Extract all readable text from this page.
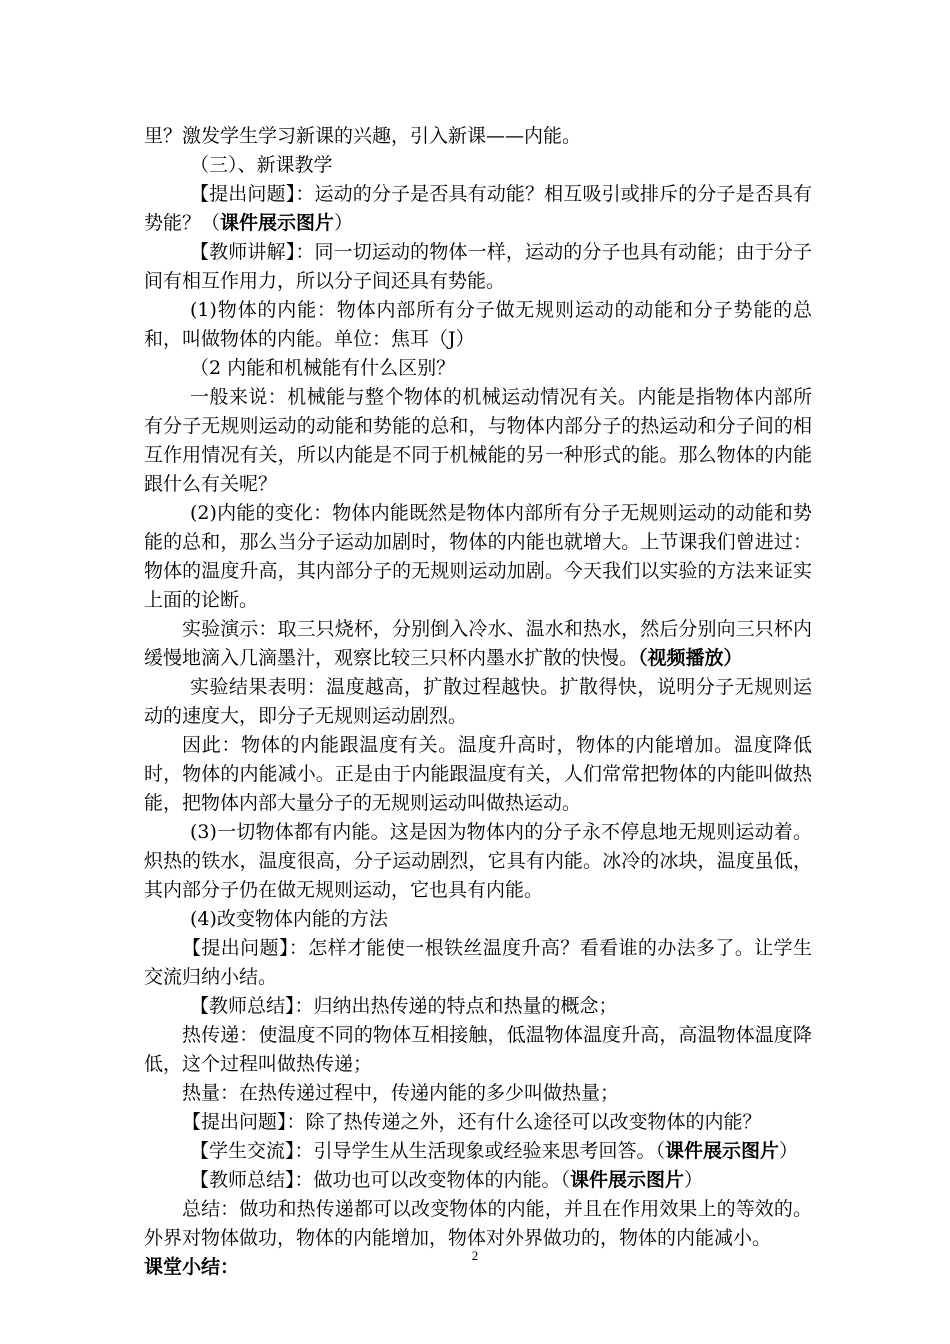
里？激发学生学习新课的兴趣，引入新课——内能。

（三）、新课教学

【提出问题】：运动的分子是否具有动能？相互吸引或排斥的分子是否具有势能？（课件展示图片）

【教师讲解】：同一切运动的物体一样，运动的分子也具有动能；由于分子间有相互作用力，所以分子间还具有势能。

(1)物体的内能：物体内部所有分子做无规则运动的动能和分子势能的总和，叫做物体的内能。单位：焦耳（J）

（2 内能和机械能有什么区别？

一般来说：机械能与整个物体的机械运动情况有关。内能是指物体内部所有分子无规则运动的动能和势能的总和，与物体内部分子的热运动和分子间的相互作用情况有关，所以内能是不同于机械能的另一种形式的能。那么物体的内能跟什么有关呢？

(2)内能的变化：物体内能既然是物体内部所有分子无规则运动的动能和势能的总和，那么当分子运动加剧时，物体的内能也就增大。上节课我们曾进过：物体的温度升高，其内部分子的无规则运动加剧。今天我们以实验的方法来证实上面的论断。

实验演示：取三只烧杯，分别倒入冷水、温水和热水，然后分别向三只杯内缓慢地滴入几滴墨汁，观察比较三只杯内墨水扩散的快慢。（视频播放）

实验结果表明：温度越高，扩散过程越快。扩散得快，说明分子无规则运动的速度大，即分子无规则运动剧烈。

因此：物体的内能跟温度有关。温度升高时，物体的内能增加。温度降低时，物体的内能减小。正是由于内能跟温度有关，人们常常把物体的内能叫做热能，把物体内部大量分子的无规则运动叫做热运动。

(3)一切物体都有内能。这是因为物体内的分子永不停息地无规则运动着。炽热的铁水，温度很高，分子运动剧烈，它具有内能。冰冷的冰块，温度虽低，其内部分子仍在做无规则运动，它也具有内能。

(4)改变物体内能的方法

【提出问题】：怎样才能使一根铁丝温度升高？看看谁的办法多了。让学生交流归纳小结。

【教师总结】：归纳出热传递的特点和热量的概念；

热传递：使温度不同的物体互相接触，低温物体温度升高，高温物体温度降低，这个过程叫做热传递；

热量：在热传递过程中，传递内能的多少叫做热量；

【提出问题】：除了热传递之外，还有什么途径可以改变物体的内能？

【学生交流】：引导学生从生活现象或经验来思考回答。（课件展示图片）

【教师总结】：做功也可以改变物体的内能。（课件展示图片）

总结：做功和热传递都可以改变物体的内能，并且在作用效果上的等效的。外界对物体做功，物体的内能增加，物体对外界做功的，物体的内能减小。

课堂小结：

2
